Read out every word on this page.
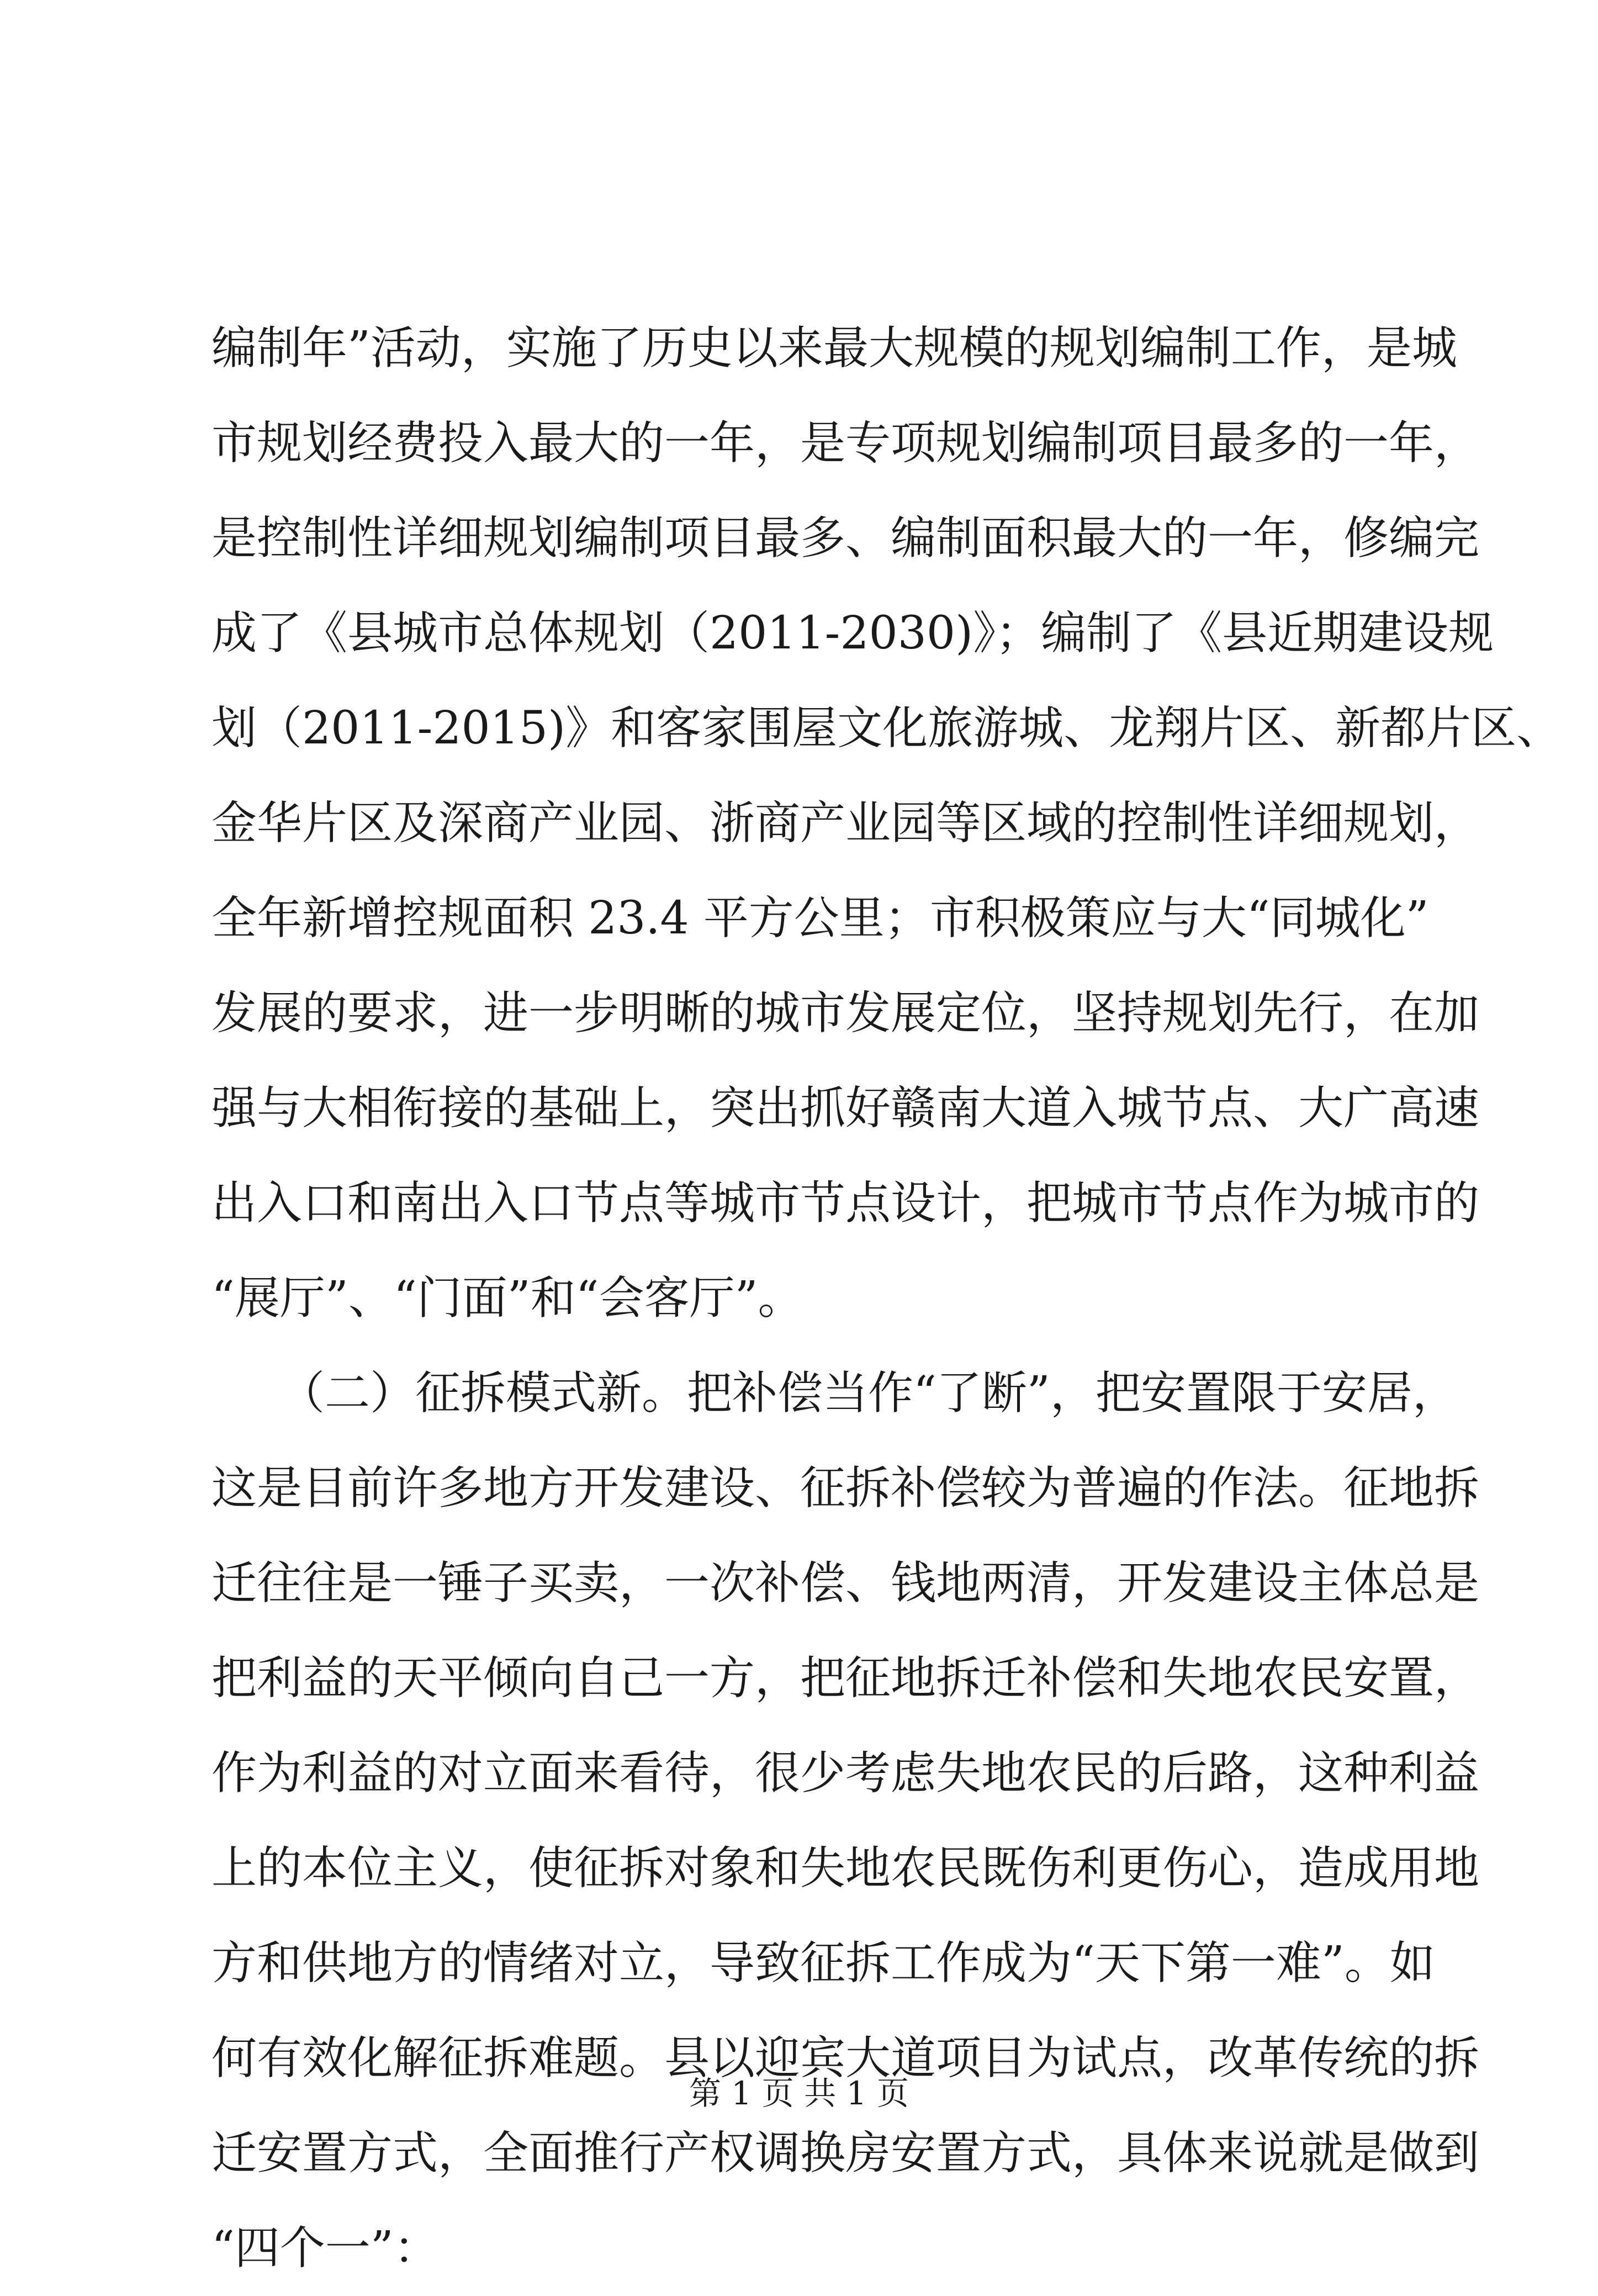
编制年”活动，实施了历史以来最大规模的规划编制工作，是城
市规划经费投入最大的一年，是专项规划编制项目最多的一年，
是控制性详细规划编制项目最多、编制面积最大的一年，修编完
成了《县城市总体规划（2011-2030)》；编制了《县近期建设规
划（2011-2015)》和客家围屋文化旅游城、龙翔片区、新都片区、
金华片区及深商产业园、浙商产业园等区域的控制性详细规划，
全年新增控规面积 23.4 平方公里；市积极策应与大“同城化”
发展的要求，进一步明晰的城市发展定位，坚持规划先行，在加
强与大相衔接的基础上，突出抓好赣南大道入城节点、大广高速
出入口和南出入口节点等城市节点设计，把城市节点作为城市的
“展厅”、“门面”和“会客厅”。
　　（二）征拆模式新。把补偿当作“了断”，把安置限于安居，
这是目前许多地方开发建设、征拆补偿较为普遍的作法。征地拆
迁往往是一锤子买卖，一次补偿、钱地两清，开发建设主体总是
把利益的天平倾向自己一方，把征地拆迁补偿和失地农民安置，
作为利益的对立面来看待，很少考虑失地农民的后路，这种利益
上的本位主义，使征拆对象和失地农民既伤利更伤心，造成用地
方和供地方的情绪对立，导致征拆工作成为“天下第一难”。如
何有效化解征拆难题。县以迎宾大道项目为试点，改革传统的拆
迁安置方式，全面推行产权调换房安置方式，具体来说就是做到
“四个一”：
第 1 页 共 1 页
